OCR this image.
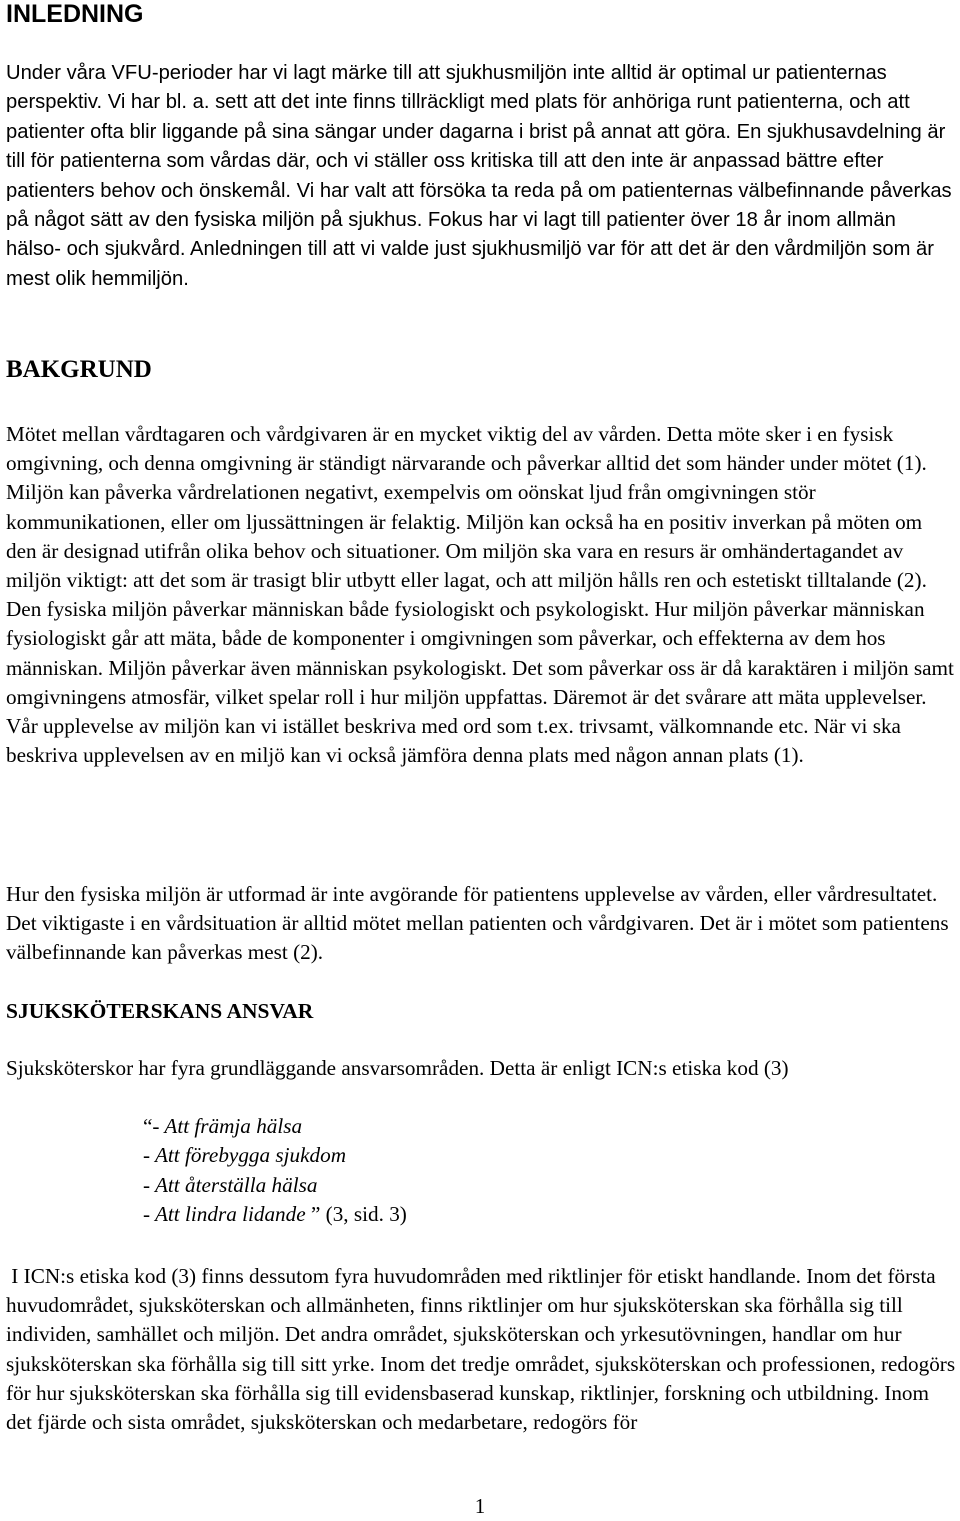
INLEDNING

Under våra VFU-perioder har vi lagt märke till att sjukhusmiljön inte alltid är optimal ur patienternas perspektiv. Vi har bl. a. sett att det inte finns tillräckligt med plats för anhöriga runt patienterna, och att patienter ofta blir liggande på sina sängar under dagarna i brist på annat att göra. En sjukhusavdelning är till för patienterna som vårdas där, och vi ställer oss kritiska till att den inte är anpassad bättre efter patienters behov och önskemål. Vi har valt att försöka ta reda på om patienternas välbefinnande påverkas på något sätt av den fysiska miljön på sjukhus. Fokus har vi lagt till patienter över 18 år inom allmän hälso- och sjukvård. Anledningen till att vi valde just sjukhusmiljö var för att det är den vårdmiljön som är mest olik hemmiljön.

BAKGRUND

Mötet mellan vårdtagaren och vårdgivaren är en mycket viktig del av vården. Detta möte sker i en fysisk omgivning, och denna omgivning är ständigt närvarande och påverkar alltid det som händer under mötet (1). Miljön kan påverka vårdrelationen negativt, exempelvis om oönskat ljud från omgivningen stör kommunikationen, eller om ljussättningen är felaktig. Miljön kan också ha en positiv inverkan på möten om den är designad utifrån olika behov och situationer. Om miljön ska vara en resurs är omhändertagandet av miljön viktigt: att det som är trasigt blir utbytt eller lagat, och att miljön hålls ren och estetiskt tilltalande (2). Den fysiska miljön påverkar människan både fysiologiskt och psykologiskt. Hur miljön påverkar människan fysiologiskt går att mäta, både de komponenter i omgivningen som påverkar, och effekterna av dem hos människan. Miljön påverkar även människan psykologiskt. Det som påverkar oss är då karaktären i miljön samt omgivningens atmosfär, vilket spelar roll i hur miljön uppfattas. Däremot är det svårare att mäta upplevelser. Vår upplevelse av miljön kan vi istället beskriva med ord som t.ex. trivsamt, välkomnande etc. När vi ska beskriva upplevelsen av en miljö kan vi också jämföra denna plats med någon annan plats (1).

Hur den fysiska miljön är utformad är inte avgörande för patientens upplevelse av vården, eller vårdresultatet. Det viktigaste i en vårdsituation är alltid mötet mellan patienten och vårdgivaren. Det är i mötet som patientens välbefinnande kan påverkas mest (2).

SJUKSKÖTERSKANS ANSVAR

Sjuksköterskor har fyra grundläggande ansvarsområden. Detta är enligt ICN:s etiska kod (3)

“- Att främja hälsa
- Att förebygga sjukdom
- Att återställa hälsa
- Att lindra lidande ” (3, sid. 3)

I ICN:s etiska kod (3) finns dessutom fyra huvudområden med riktlinjer för etiskt handlande. Inom det första huvudområdet, sjuksköterskan och allmänheten, finns riktlinjer om hur sjuksköterskan ska förhålla sig till individen, samhället och miljön. Det andra området, sjuksköterskan och yrkesutövningen, handlar om hur sjuksköterskan ska förhålla sig till sitt yrke. Inom det tredje området, sjuksköterskan och professionen, redogörs för hur sjuksköterskan ska förhålla sig till evidensbaserad kunskap, riktlinjer, forskning och utbildning. Inom det fjärde och sista området, sjuksköterskan och medarbetare, redogörs för

1
